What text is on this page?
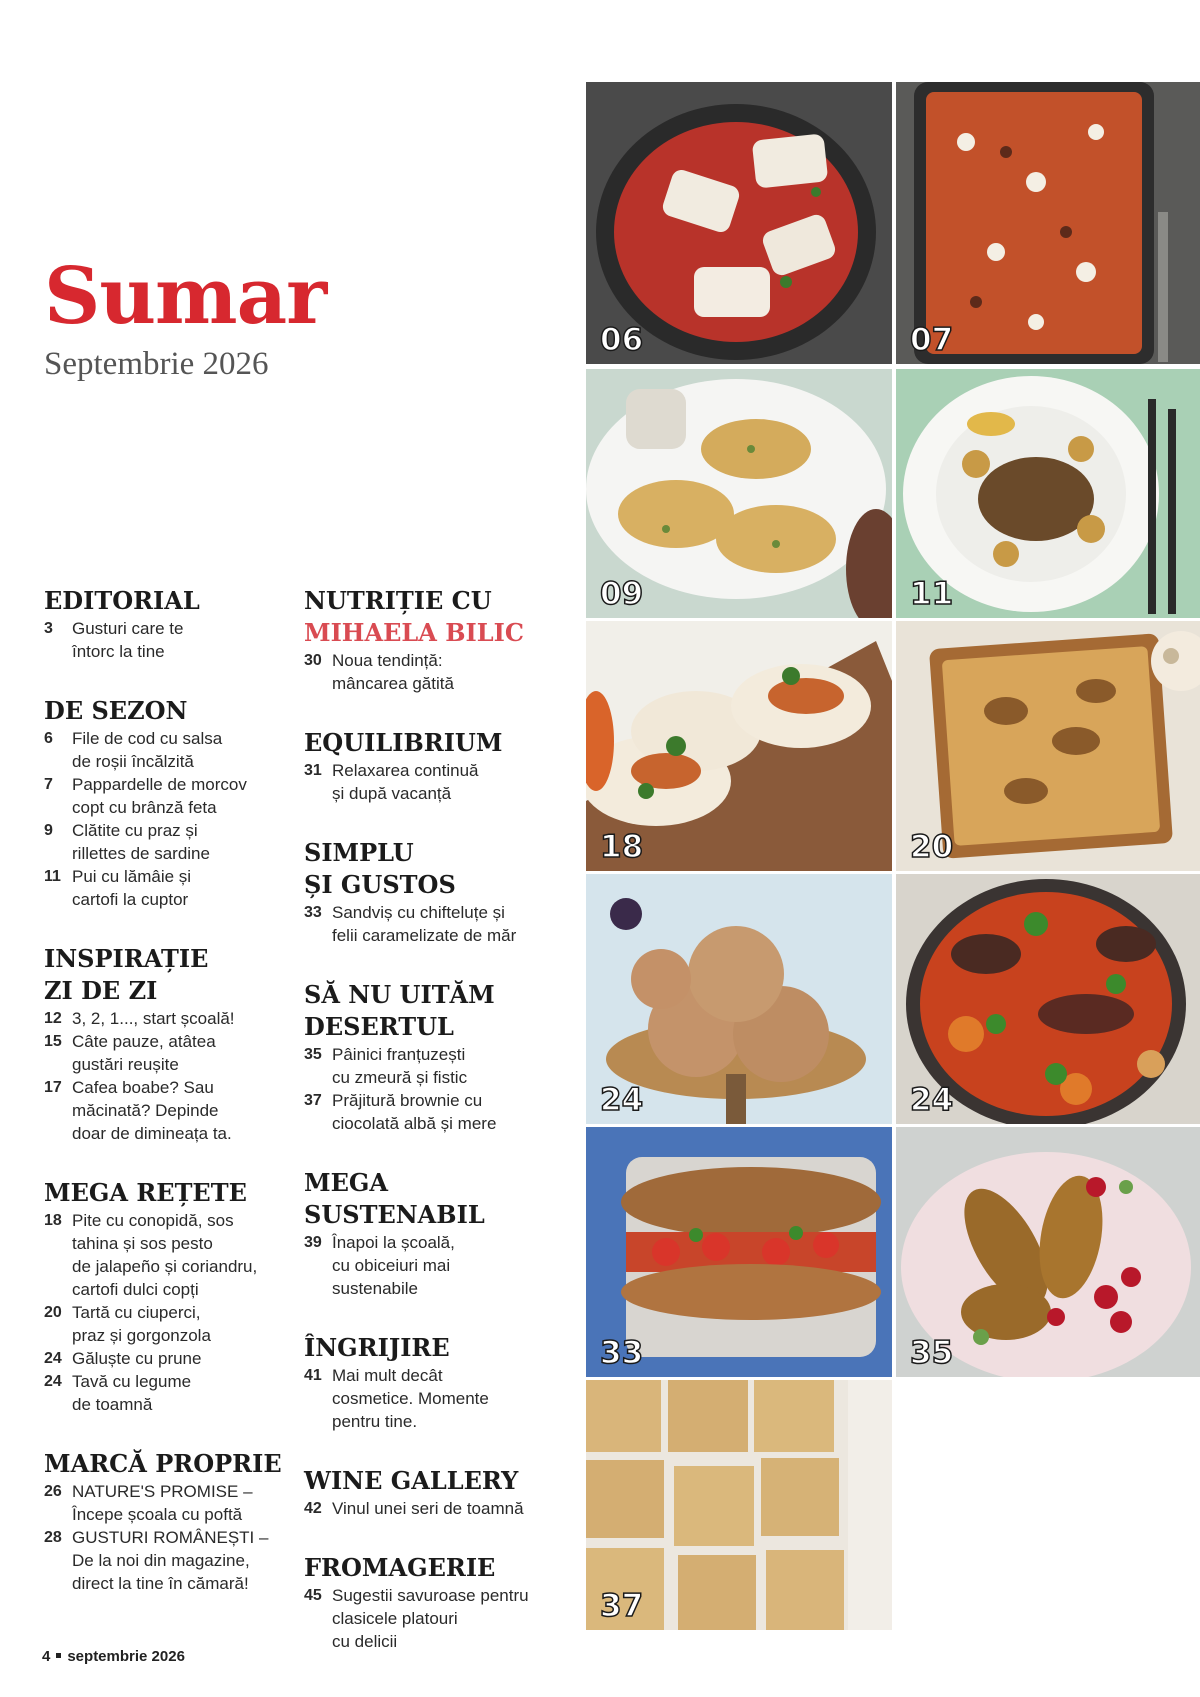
Sumar
Septembrie 2026
EDITORIAL
3	Gusturi care te
întorc la tine
DE SEZON
6	File de cod cu salsa
de roșii încălzită
7	Pappardelle de morcov
copt cu brânză feta
9	Clătite cu praz și
rillettes de sardine
11 Pui cu lămâie și
cartofi la cuptor
INSPIRAȚIE
ZI DE ZI
12 3, 2, 1..., start școală!
15 Câte pauze, atâtea
gustări reușite
17 Cafea boabe? Sau
măcinată? Depinde
doar de dimineața ta.
MEGA REȚETE
18 Pite cu conopidă, sos
tahina și sos pesto
de jalapeño și coriandru,
cartofi dulci copți
20 Tartă cu ciuperci,
praz și gorgonzola
24 Găluște cu prune
24 Tavă cu legume
de toamnă
MARCĂ PROPRIE
26 NATURE'S PROMISE –
Începe școala cu poftă
28 GUSTURI ROMÂNEȘTI –
De la noi din magazine,
direct la tine în cămară!
NUTRIȚIE CU
MIHAELA BILIC
30 Noua tendință:
mâncarea gătită
EQUILIBRIUM
31 Relaxarea continuă
și după vacanță
SIMPLU
ȘI GUSTOS
33 Sandviș cu chifteluțe și
felii caramelizate de măr
SĂ NU UITĂM
DESERTUL
35 Pâinici franțuzești
cu zmeură și fistic
37 Prăjitură brownie cu
ciocolată albă și mere
MEGA
SUSTENABIL
39 Înapoi la școală,
cu obiceiuri mai
sustenabile
ÎNGRIJIRE
41 Mai mult decât
cosmetice. Momente
pentru tine.
WINE GALLERY
42 Vinul unei seri de toamnă
FROMAGERIE
45 Sugestii savuroase pentru
clasicele platouri
cu delicii
06	07
09	11
18	20
24	24
33	35
37
4 septembrie 2026
